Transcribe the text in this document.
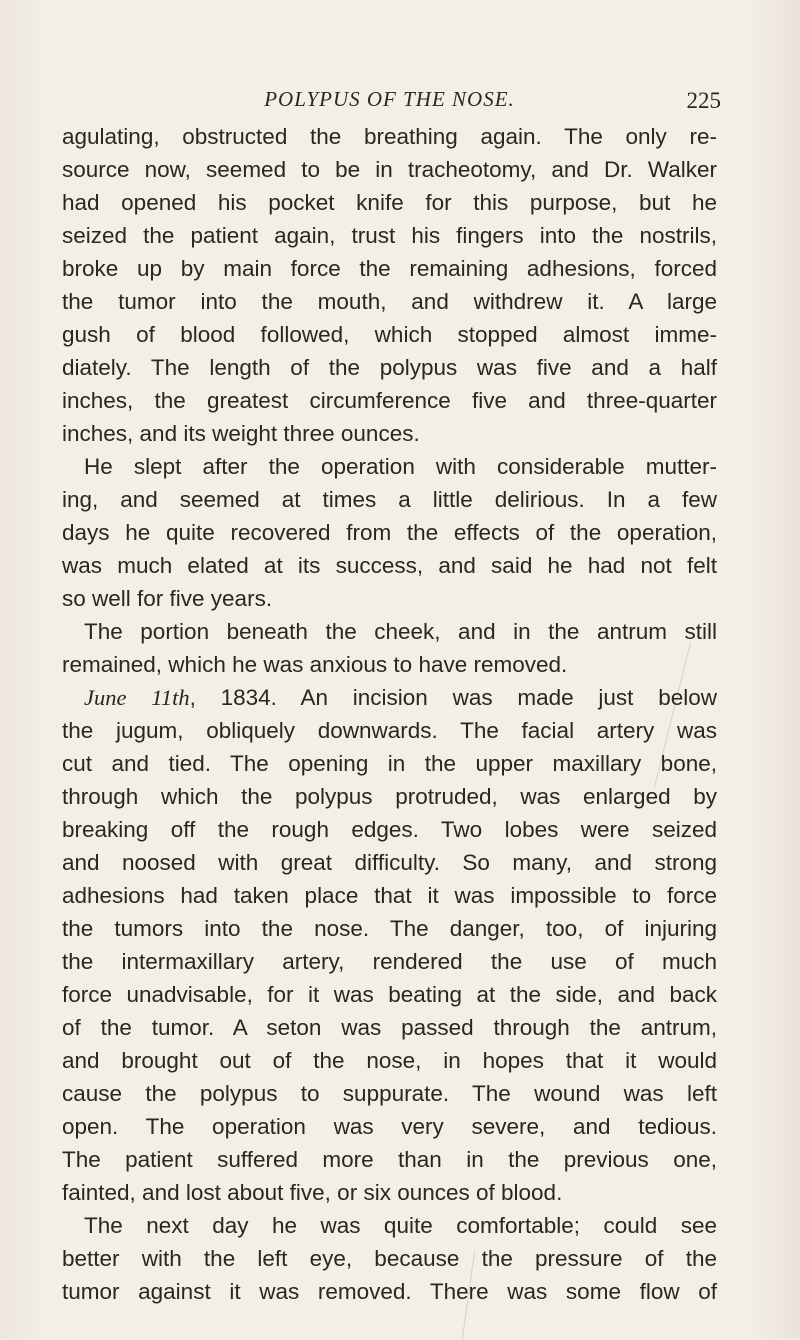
POLYPUS OF THE NOSE.	225
agulating, obstructed the breathing again. The only re-
source now, seemed to be in tracheotomy, and Dr. Walker
had opened his pocket knife for this purpose, but he
seized the patient again, trust his fingers into the nostrils,
broke up by main force the remaining adhesions, forced
the tumor into the mouth, and withdrew it. A large
gush of blood followed, which stopped almost imme-
diately. The length of the polypus was five and a half
inches, the greatest circumference five and three-quarter
inches, and its weight three ounces.
He slept after the operation with considerable mutter-
ing, and seemed at times a little delirious. In a few
days he quite recovered from the effects of the operation,
was much elated at its success, and said he had not felt
so well for five years.
The portion beneath the cheek, and in the antrum still
remained, which he was anxious to have removed.
June 11th, 1834. An incision was made just below
the jugum, obliquely downwards. The facial artery was
cut and tied. The opening in the upper maxillary bone,
through which the polypus protruded, was enlarged by
breaking off the rough edges. Two lobes were seized
and noosed with great difficulty. So many, and strong
adhesions had taken place that it was impossible to force
the tumors into the nose. The danger, too, of injuring
the intermaxillary artery, rendered the use of much
force unadvisable, for it was beating at the side, and back
of the tumor. A seton was passed through the antrum,
and brought out of the nose, in hopes that it would
cause the polypus to suppurate. The wound was left
open. The operation was very severe, and tedious.
The patient suffered more than in the previous one,
fainted, and lost about five, or six ounces of blood.
The next day he was quite comfortable; could see
better with the left eye, because the pressure of the
tumor against it was removed. There was some flow of
